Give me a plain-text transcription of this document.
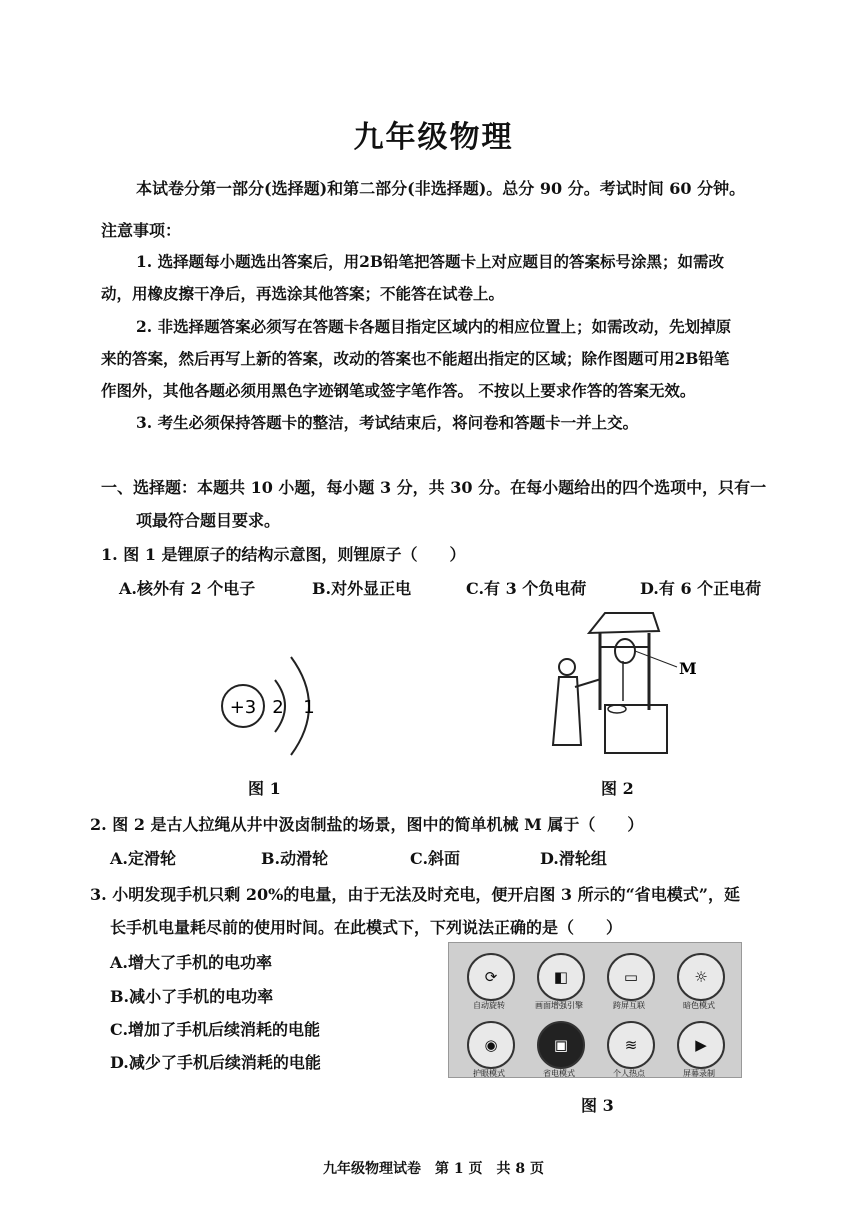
九年级物理
本试卷分第一部分(选择题)和第二部分(非选择题)。总分 90 分。考试时间 60 分钟。
注意事项：
1. 选择题每小题选出答案后，用2B铅笔把答题卡上对应题目的答案标号涂黑；如需改
动，用橡皮擦干净后，再选涂其他答案；不能答在试卷上。
2. 非选择题答案必须写在答题卡各题目指定区域内的相应位置上；如需改动，先划掉原
来的答案，然后再写上新的答案，改动的答案也不能超出指定的区域；除作图题可用2B铅笔
作图外，其他各题必须用黑色字迹钢笔或签字笔作答。 不按以上要求作答的答案无效。
3. 考生必须保持答题卡的整洁，考试结束后，将问卷和答题卡一并上交。
一、选择题：本题共 10 小题，每小题 3 分，共 30 分。在每小题给出的四个选项中，只有一
项最符合题目要求。
1. 图 1 是锂原子的结构示意图，则锂原子（　　）
A.核外有 2 个电子	B.对外显正电	C.有 3 个负电荷	D.有 6 个正电荷
+3 2 1
图 1
M
图 2
2. 图 2 是古人拉绳从井中汲卤制盐的场景，图中的简单机械 M 属于（　　）
A.定滑轮	B.动滑轮	C.斜面	D.滑轮组
3. 小明发现手机只剩 20%的电量，由于无法及时充电，便开启图 3 所示的“省电模式”，延
长手机电量耗尽前的使用时间。在此模式下，下列说法正确的是（　　）
A.增大了手机的电功率
B.减小了手机的电功率
C.增加了手机后续消耗的电能
D.减少了手机后续消耗的电能
⟳
自动旋转
◧
画面增强引擎
▭
跨屏互联
☼
暗色模式
◉
护眼模式
▣
省电模式
≋
个人热点
▶
屏幕录制
图 3
九年级物理试卷　第 1 页　共 8 页
